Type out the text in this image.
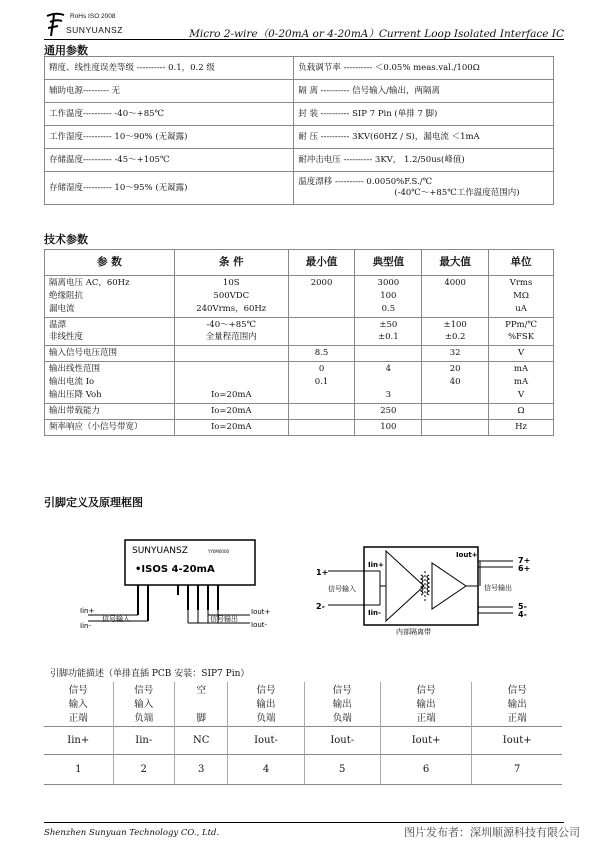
RoHs ISO 2008
SUNYUANSZ	Micro 2-wire（0-20mA or 4-20mA）Current Loop Isolated Interface IC
通用参数
精度、线性度误差等级 ---------- 0.1，0.2 级	负载调节率 ---------- ＜0.05% meas.val./100Ω

辅助电源--------- 无	隔 离 ---------- 信号输入/输出，两隔离

工作温度---------- -40～+85℃	封 装 ---------- SIP 7 Pin (单排 7 脚)

工作湿度---------- 10～90% (无凝露)	耐 压 ---------- 3KV(60HZ / S)，漏电流 ＜1mA

存储温度---------- -45～+105℃	耐冲击电压 ---------- 3KV， 1.2/50us(峰值)

存储湿度---------- 10～95% (无凝露)	温度漂移 ---------- 0.0050%F.S./℃
(-40℃～+85℃工作温度范围内)
技术参数
参 数	条 件	最小值	典型值	最大值	单位
隔离电压 AC，60Hz	10S	2000	3000	4000	Vrms
绝缘阻抗	500VDC		100		MΩ
漏电流	240Vrms，60Hz		0.5		uA
温漂	-40～+85℃		±50	±100	PPm/℃
非线性度	全量程范围内		±0.1	±0.2	%FSK
输入信号电压范围		8.5		32	V
输出线性范围		0	4	20	mA
输出电流 Io		0.1		40	mA
输出压降 Voh	Io=20mA		3		V
输出带载能力	Io=20mA		250		Ω
频率响应（小信号带宽）	Io=20mA		100		Hz
引脚定义及原理框图
SUNYUANSZ	YY0M0000
•ISOS 4-20mA
Iin+
Iin-
信号输入	信号输出
Iout+
Iout-
1+
2-
Iin+
Iin-
信号输入
Iout+
信号输出
内部隔离带
7+
6+
5-
4-
引脚功能描述（单排直插 PCB 安装：SIP7 Pin）
信号	信号	空	信号	信号	信号	信号
输入	输入		输出	输出	输出	输出
正端	负端	脚	负端	负端	正端	正端
Iin+	Iin-	NC	Iout-	Iout-	Iout+	Iout+
1	2	3	4	5	6	7
Shenzhen Sunyuan Technology CO., Ltd.	图片发布者：深圳顺源科技有限公司
